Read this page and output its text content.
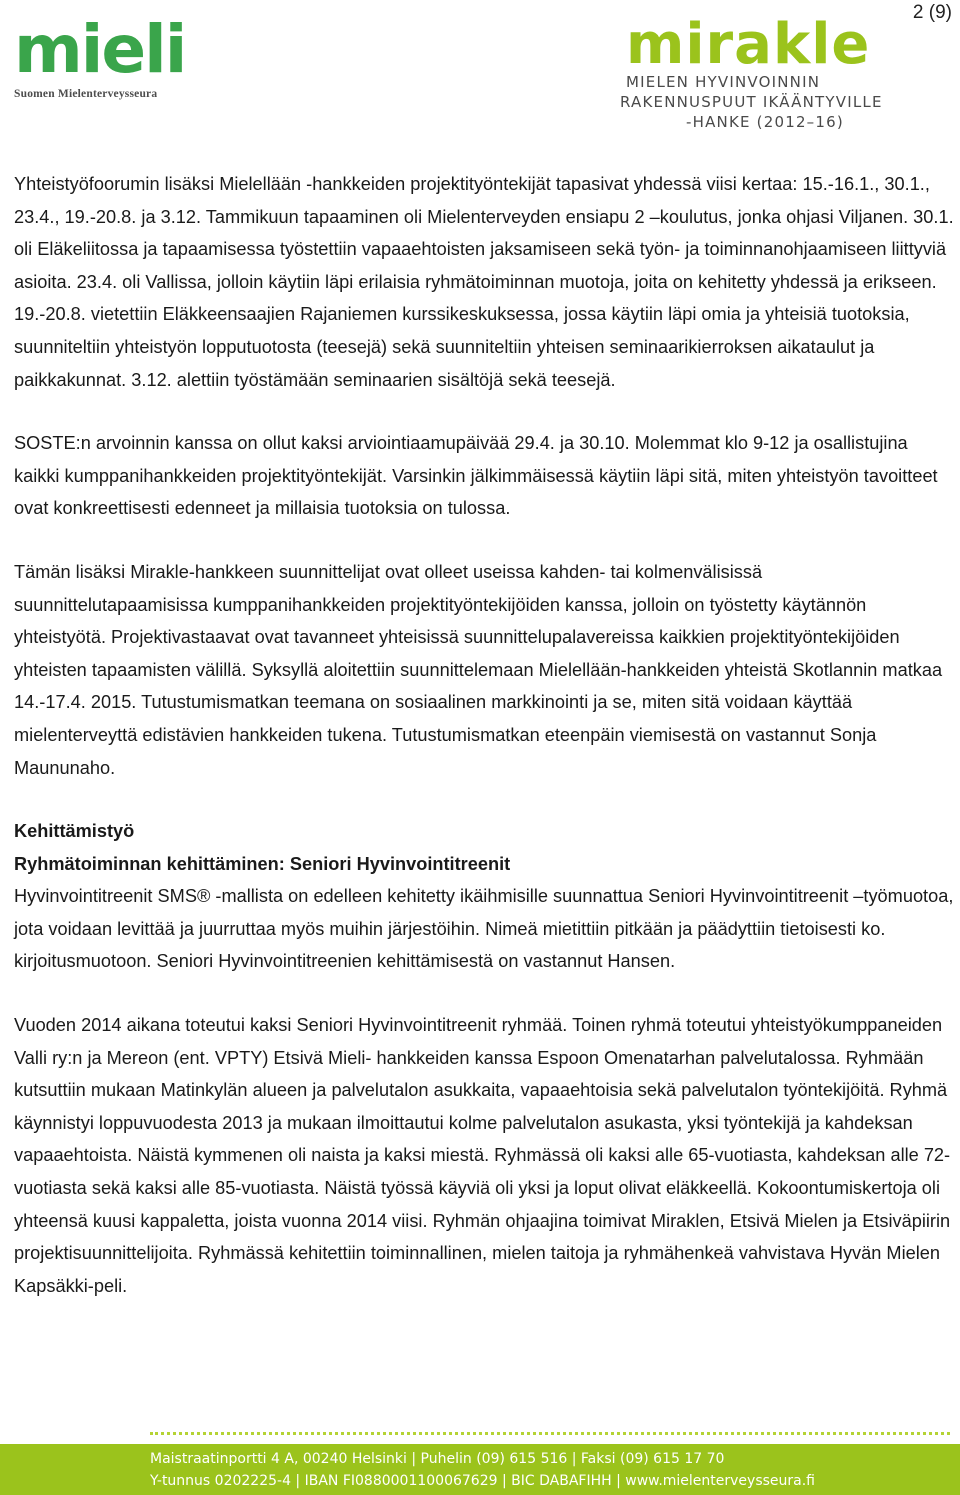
2 (9)
mieli
Suomen Mielenterveysseura
mirakle
MIELEN HYVINVOINNIN
RAKENNUSPUUT IKÄÄNTYVILLE
-HANKE (2012–16)

Yhteistyöfoorumin lisäksi Mielellään -hankkeiden projektityöntekijät tapasivat yhdessä viisi kertaa: 15.-16.1., 30.1., 23.4., 19.-20.8. ja 3.12. Tammikuun tapaaminen oli Mielenterveyden ensiapu 2 –koulutus, jonka ohjasi Viljanen. 30.1. oli Eläkeliitossa ja tapaamisessa työstettiin vapaaehtoisten jaksamiseen sekä työn- ja toiminnanohjaamiseen liittyviä asioita. 23.4. oli Vallissa, jolloin käytiin läpi erilaisia ryhmätoiminnan muotoja, joita on kehitetty yhdessä ja erikseen. 19.-20.8. vietettiin Eläkkeensaajien Rajaniemen kurssikeskuksessa, jossa käytiin läpi omia ja yhteisiä tuotoksia, suunniteltiin yhteistyön lopputuotosta (teesejä) sekä suunniteltiin yhteisen seminaarikierroksen aikataulut ja paikkakunnat. 3.12. alettiin työstämään seminaarien sisältöjä sekä teesejä.

SOSTE:n arvoinnin kanssa on ollut kaksi arviointiaamupäivää 29.4. ja 30.10. Molemmat klo 9-12 ja osallistujina kaikki kumppanihankkeiden projektityöntekijät. Varsinkin jälkimmäisessä käytiin läpi sitä, miten yhteistyön tavoitteet ovat konkreettisesti edenneet ja millaisia tuotoksia on tulossa.

Tämän lisäksi Mirakle-hankkeen suunnittelijat ovat olleet useissa kahden- tai kolmenvälisissä suunnittelutapaamisissa kumppanihankkeiden projektityöntekijöiden kanssa, jolloin on työstetty käytännön yhteistyötä. Projektivastaavat ovat tavanneet yhteisissä suunnittelupalavereissa kaikkien projektityöntekijöiden yhteisten tapaamisten välillä. Syksyllä aloitettiin suunnittelemaan Mielellään-hankkeiden yhteistä Skotlannin matkaa 14.-17.4. 2015. Tutustumismatkan teemana on sosiaalinen markkinointi ja se, miten sitä voidaan käyttää mielenterveyttä edistävien hankkeiden tukena. Tutustumismatkan eteenpäin viemisestä on vastannut Sonja Maununaho.

Kehittämistyö
Ryhmätoiminnan kehittäminen: Seniori Hyvinvointitreenit
Hyvinvointitreenit SMS® -mallista on edelleen kehitetty ikäihmisille suunnattua Seniori Hyvinvointitreenit –työmuotoa, jota voidaan levittää ja juurruttaa myös muihin järjestöihin. Nimeä mietittiin pitkään ja päädyttiin tietoisesti ko. kirjoitusmuotoon. Seniori Hyvinvointitreenien kehittämisestä on vastannut Hansen.

Vuoden 2014 aikana toteutui kaksi Seniori Hyvinvointitreenit ryhmää. Toinen ryhmä toteutui yhteistyökumppaneiden Valli ry:n ja Mereon (ent. VPTY) Etsivä Mieli- hankkeiden kanssa Espoon Omenatarhan palvelutalossa. Ryhmään kutsuttiin mukaan Matinkylän alueen ja palvelutalon asukkaita, vapaaehtoisia sekä palvelutalon työntekijöitä. Ryhmä käynnistyi loppuvuodesta 2013 ja mukaan ilmoittautui kolme palvelutalon asukasta, yksi työntekijä ja kahdeksan vapaaehtoista. Näistä kymmenen oli naista ja kaksi miestä. Ryhmässä oli kaksi alle 65-vuotiasta, kahdeksan alle 72-vuotiasta sekä kaksi alle 85-vuotiasta. Näistä työssä käyviä oli yksi ja loput olivat eläkkeellä. Kokoontumiskertoja oli yhteensä kuusi kappaletta, joista vuonna 2014 viisi. Ryhmän ohjaajina toimivat Miraklen, Etsivä Mielen ja Etsiväpiirin projektisuunnittelijoita. Ryhmässä kehitettiin toiminnallinen, mielen taitoja ja ryhmähenkeä vahvistava Hyvän Mielen Kapsäkki-peli.

Maistraatinportti 4 A, 00240 Helsinki | Puhelin (09) 615 516 | Faksi (09) 615 17 70
Y-tunnus 0202225-4 | IBAN FI0880001100067629 | BIC DABAFIHH | www.mielenterveysseura.fi
